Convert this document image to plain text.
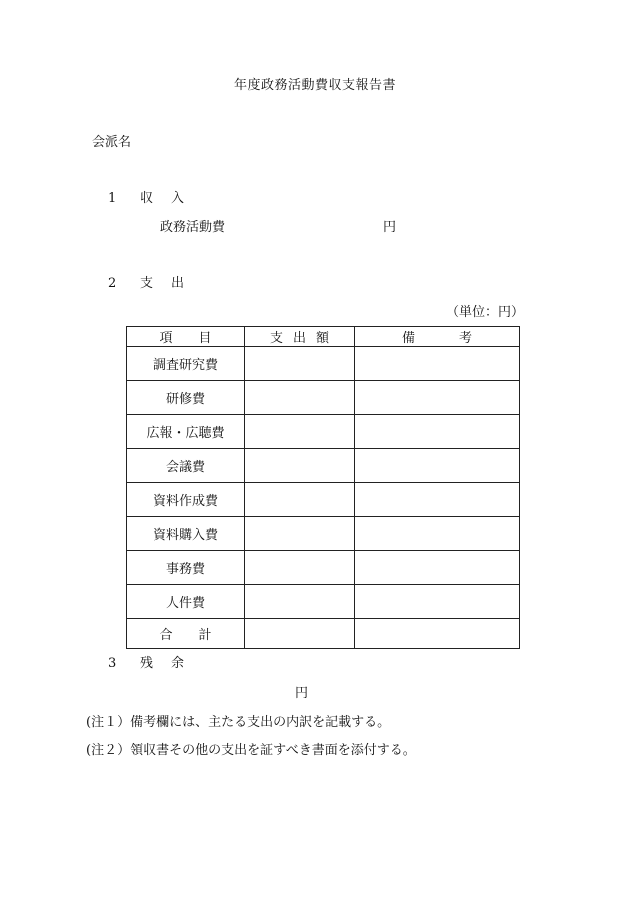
年度政務活動費収支報告書
会派名
1 収入
政務活動費	円
2 支出
（単位：円）
項目	支出額	備考
調査研究費		
研修費		
広報・広聴費		
会議費		
資料作成費		
資料購入費		
事務費		
人件費		
合計		
3 残余
円
(注１）備考欄には、主たる支出の内訳を記載する。
(注２）領収書その他の支出を証すべき書面を添付する。
